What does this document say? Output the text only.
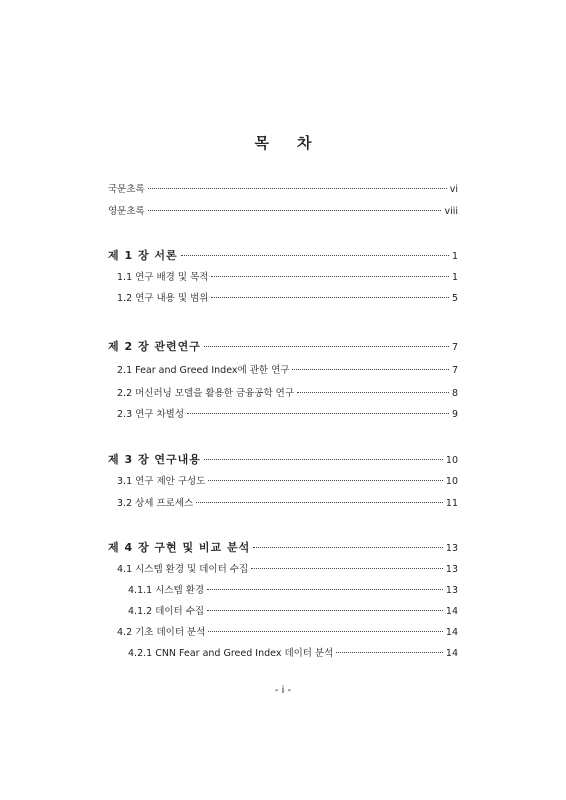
목 차
국문초록	vi
영문초록	viii
제 1 장 서론	1
1.1 연구 배경 및 목적	1
1.2 연구 내용 및 범위	5
제 2 장 관련연구	7
2.1 Fear and Greed Index에 관한 연구	7
2.2 머신러닝 모델을 활용한 금융공학 연구	8
2.3 연구 차별성	9
제 3 장 연구내용	10
3.1 연구 제안 구성도	10
3.2 상세 프로세스	11
제 4 장 구현 및 비교 분석	13
4.1 시스템 환경 및 데이터 수집	13
4.1.1 시스템 환경	13
4.1.2 데이터 수집	14
4.2 기초 데이터 분석	14
4.2.1 CNN Fear and Greed Index 데이터 분석	14
- i -
